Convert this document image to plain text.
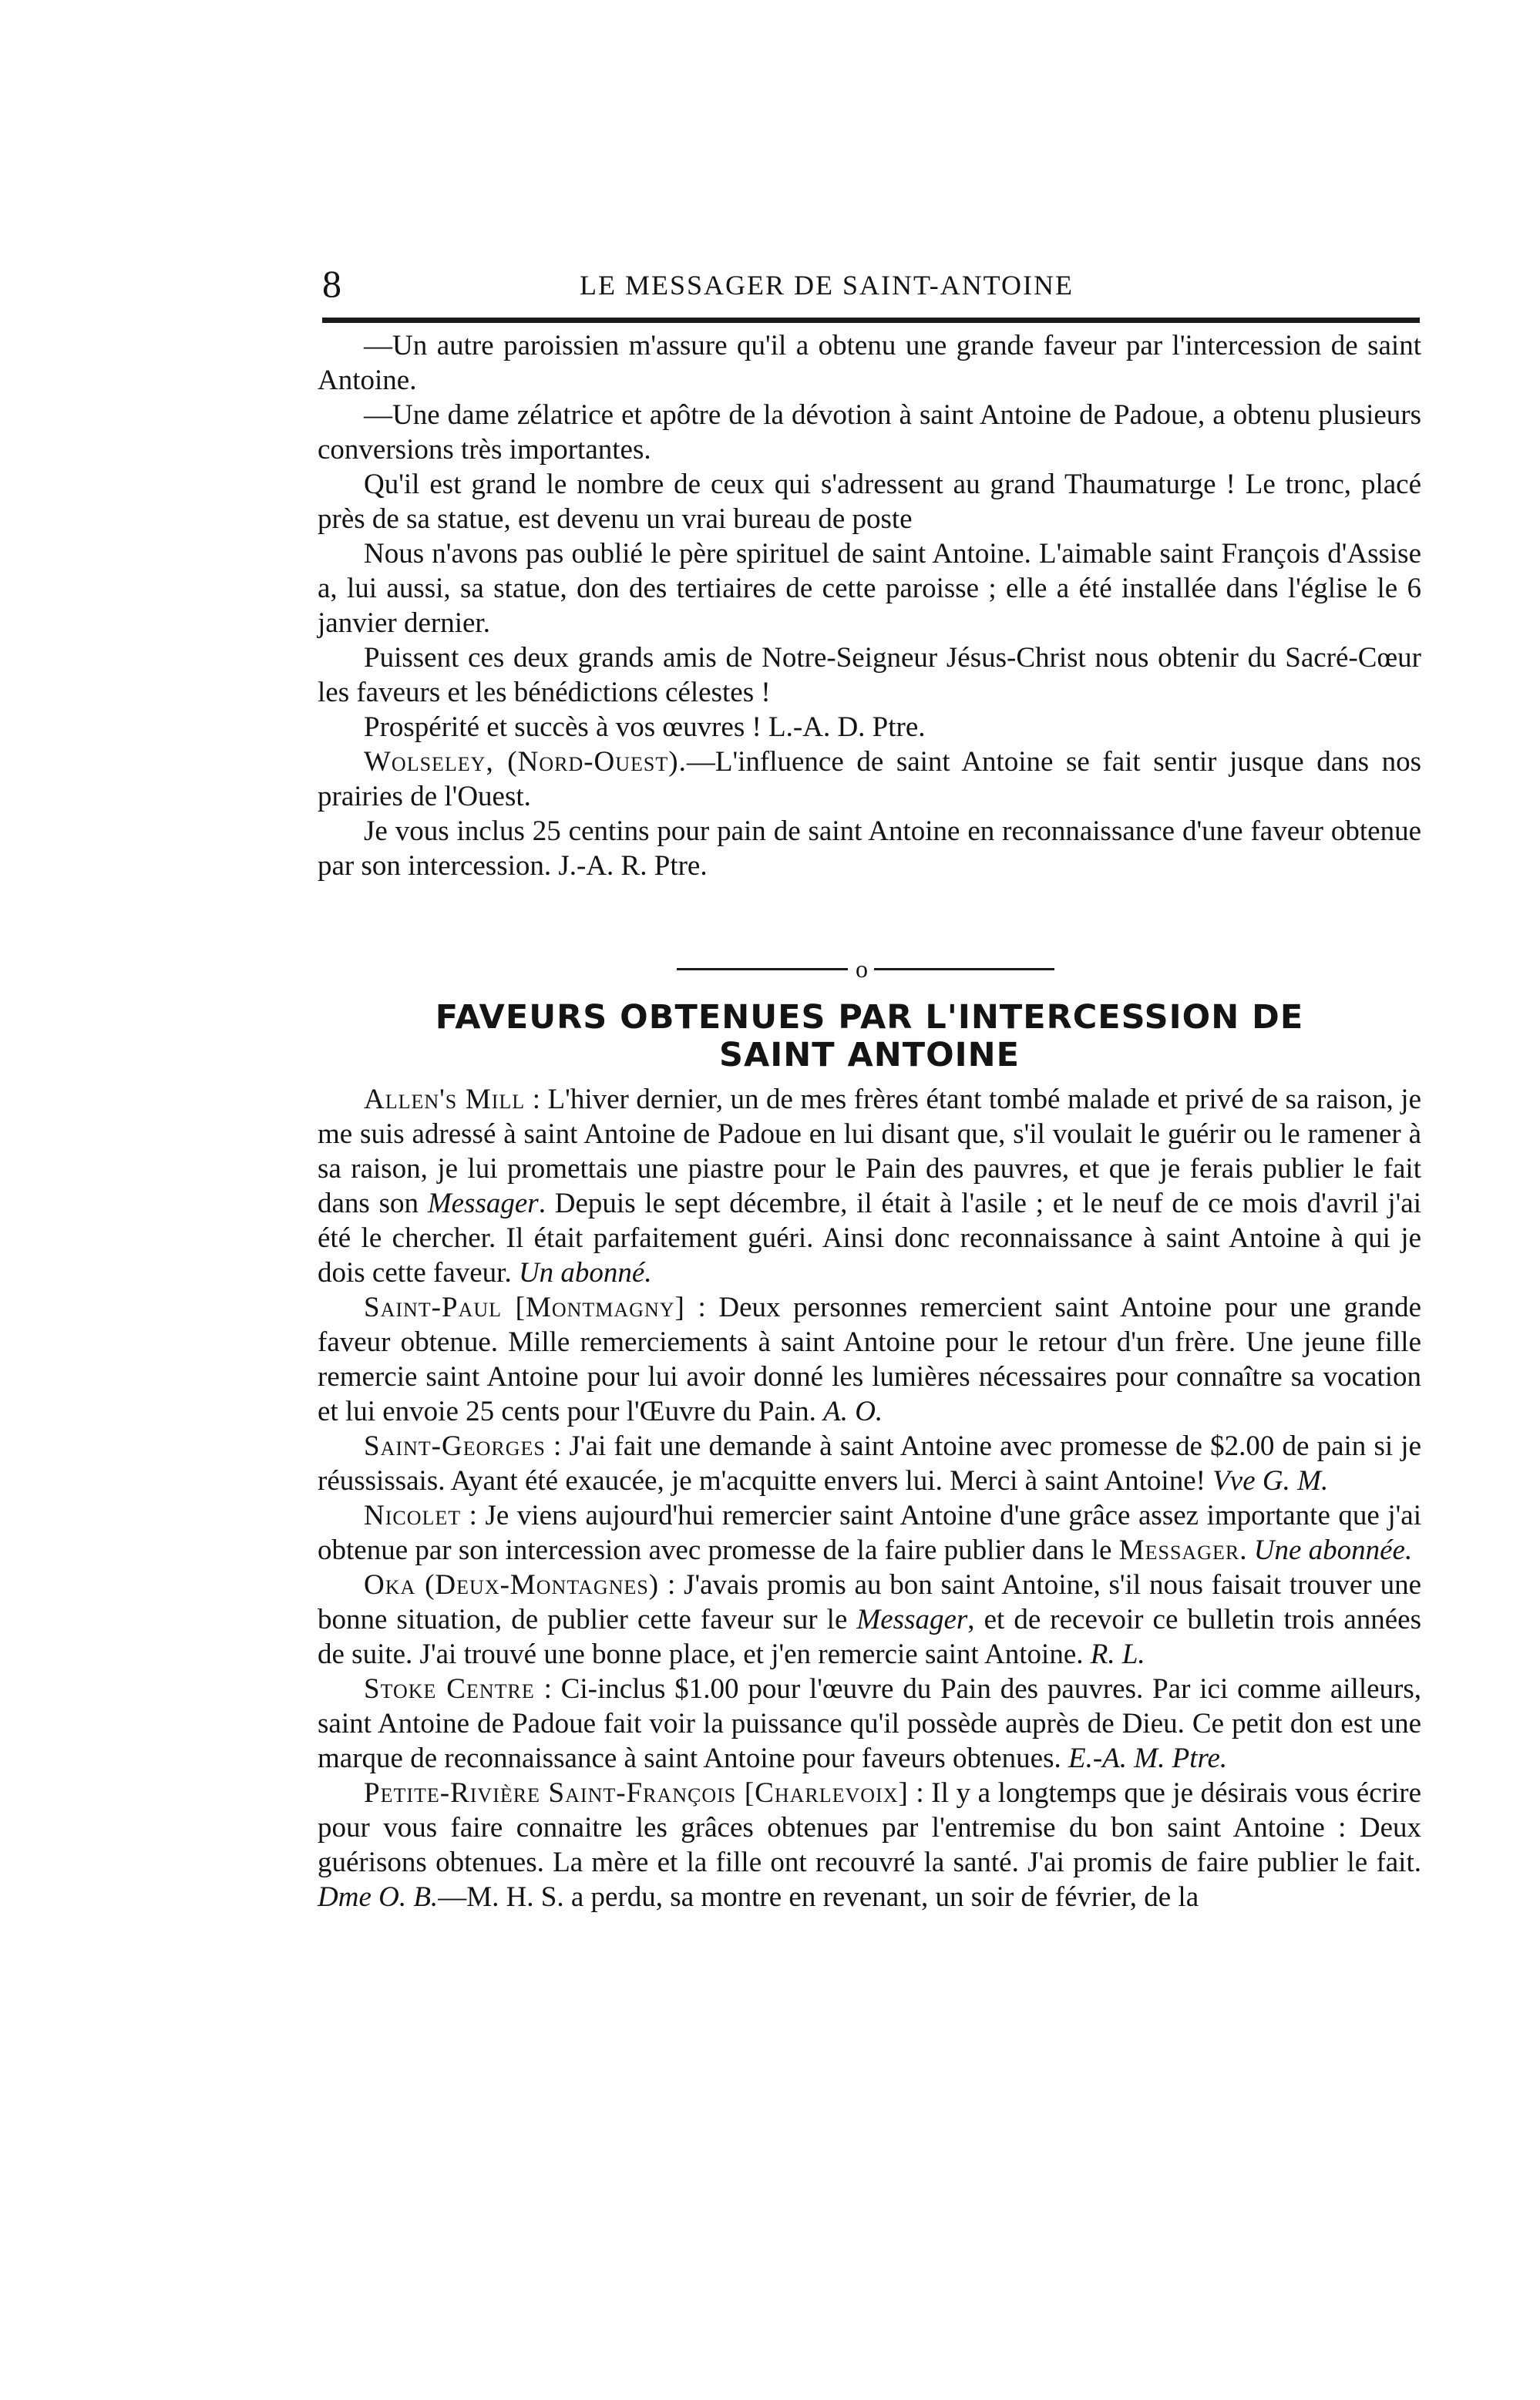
8	LE MESSAGER DE SAINT-ANTOINE

—Un autre paroissien m'assure qu'il a obtenu une grande faveur par l'intercession de saint Antoine.

—Une dame zélatrice et apôtre de la dévotion à saint Antoine de Padoue, a obtenu plusieurs conversions très importantes.

Qu'il est grand le nombre de ceux qui s'adressent au grand Thaumaturge ! Le tronc, placé près de sa statue, est devenu un vrai bureau de poste

Nous n'avons pas oublié le père spirituel de saint Antoine. L'aimable saint François d'Assise a, lui aussi, sa statue, don des tertiaires de cette paroisse ; elle a été installée dans l'église le 6 janvier dernier.

Puissent ces deux grands amis de Notre-Seigneur Jésus-Christ nous obtenir du Sacré-Cœur les faveurs et les bénédictions célestes !

Prospérité et succès à vos œuvres ! L.-A. D. Ptre.

Wolseley, (Nord-Ouest).—L'influence de saint Antoine se fait sentir jusque dans nos prairies de l'Ouest.

Je vous inclus 25 centins pour pain de saint Antoine en reconnaissance d'une faveur obtenue par son intercession. J.-A. R. Ptre.

o
FAVEURS OBTENUES PAR L'INTERCESSION DE
SAINT ANTOINE

Allen's Mill : L'hiver dernier, un de mes frères étant tombé malade et privé de sa raison, je me suis adressé à saint Antoine de Padoue en lui disant que, s'il voulait le guérir ou le ramener à sa raison, je lui promettais une piastre pour le Pain des pauvres, et que je ferais publier le fait dans son Messager. Depuis le sept décembre, il était à l'asile ; et le neuf de ce mois d'avril j'ai été le chercher. Il était parfaitement guéri. Ainsi donc reconnaissance à saint Antoine à qui je dois cette faveur. Un abonné.

Saint-Paul [Montmagny] : Deux personnes remercient saint Antoine pour une grande faveur obtenue. Mille remerciements à saint Antoine pour le retour d'un frère. Une jeune fille remercie saint Antoine pour lui avoir donné les lumières nécessaires pour connaître sa vocation et lui envoie 25 cents pour l'Œuvre du Pain. A. O.

Saint-Georges : J'ai fait une demande à saint Antoine avec promesse de $2.00 de pain si je réussissais. Ayant été exaucée, je m'acquitte envers lui. Merci à saint Antoine! Vve G. M.

Nicolet : Je viens aujourd'hui remercier saint Antoine d'une grâce assez importante que j'ai obtenue par son intercession avec promesse de la faire publier dans le Messager. Une abonnée.

Oka (Deux-Montagnes) : J'avais promis au bon saint Antoine, s'il nous faisait trouver une bonne situation, de publier cette faveur sur le Messager, et de recevoir ce bulletin trois années de suite. J'ai trouvé une bonne place, et j'en remercie saint Antoine. R. L.

Stoke Centre : Ci-inclus $1.00 pour l'œuvre du Pain des pauvres. Par ici comme ailleurs, saint Antoine de Padoue fait voir la puissance qu'il possède auprès de Dieu. Ce petit don est une marque de reconnaissance à saint Antoine pour faveurs obtenues. E.-A. M. Ptre.

Petite-Rivière Saint-François [Charlevoix] : Il y a longtemps que je désirais vous écrire pour vous faire connaitre les grâces obtenues par l'entremise du bon saint Antoine : Deux guérisons obtenues. La mère et la fille ont recouvré la santé. J'ai promis de faire publier le fait. Dme O. B.—M. H. S. a perdu, sa montre en revenant, un soir de février, de la
